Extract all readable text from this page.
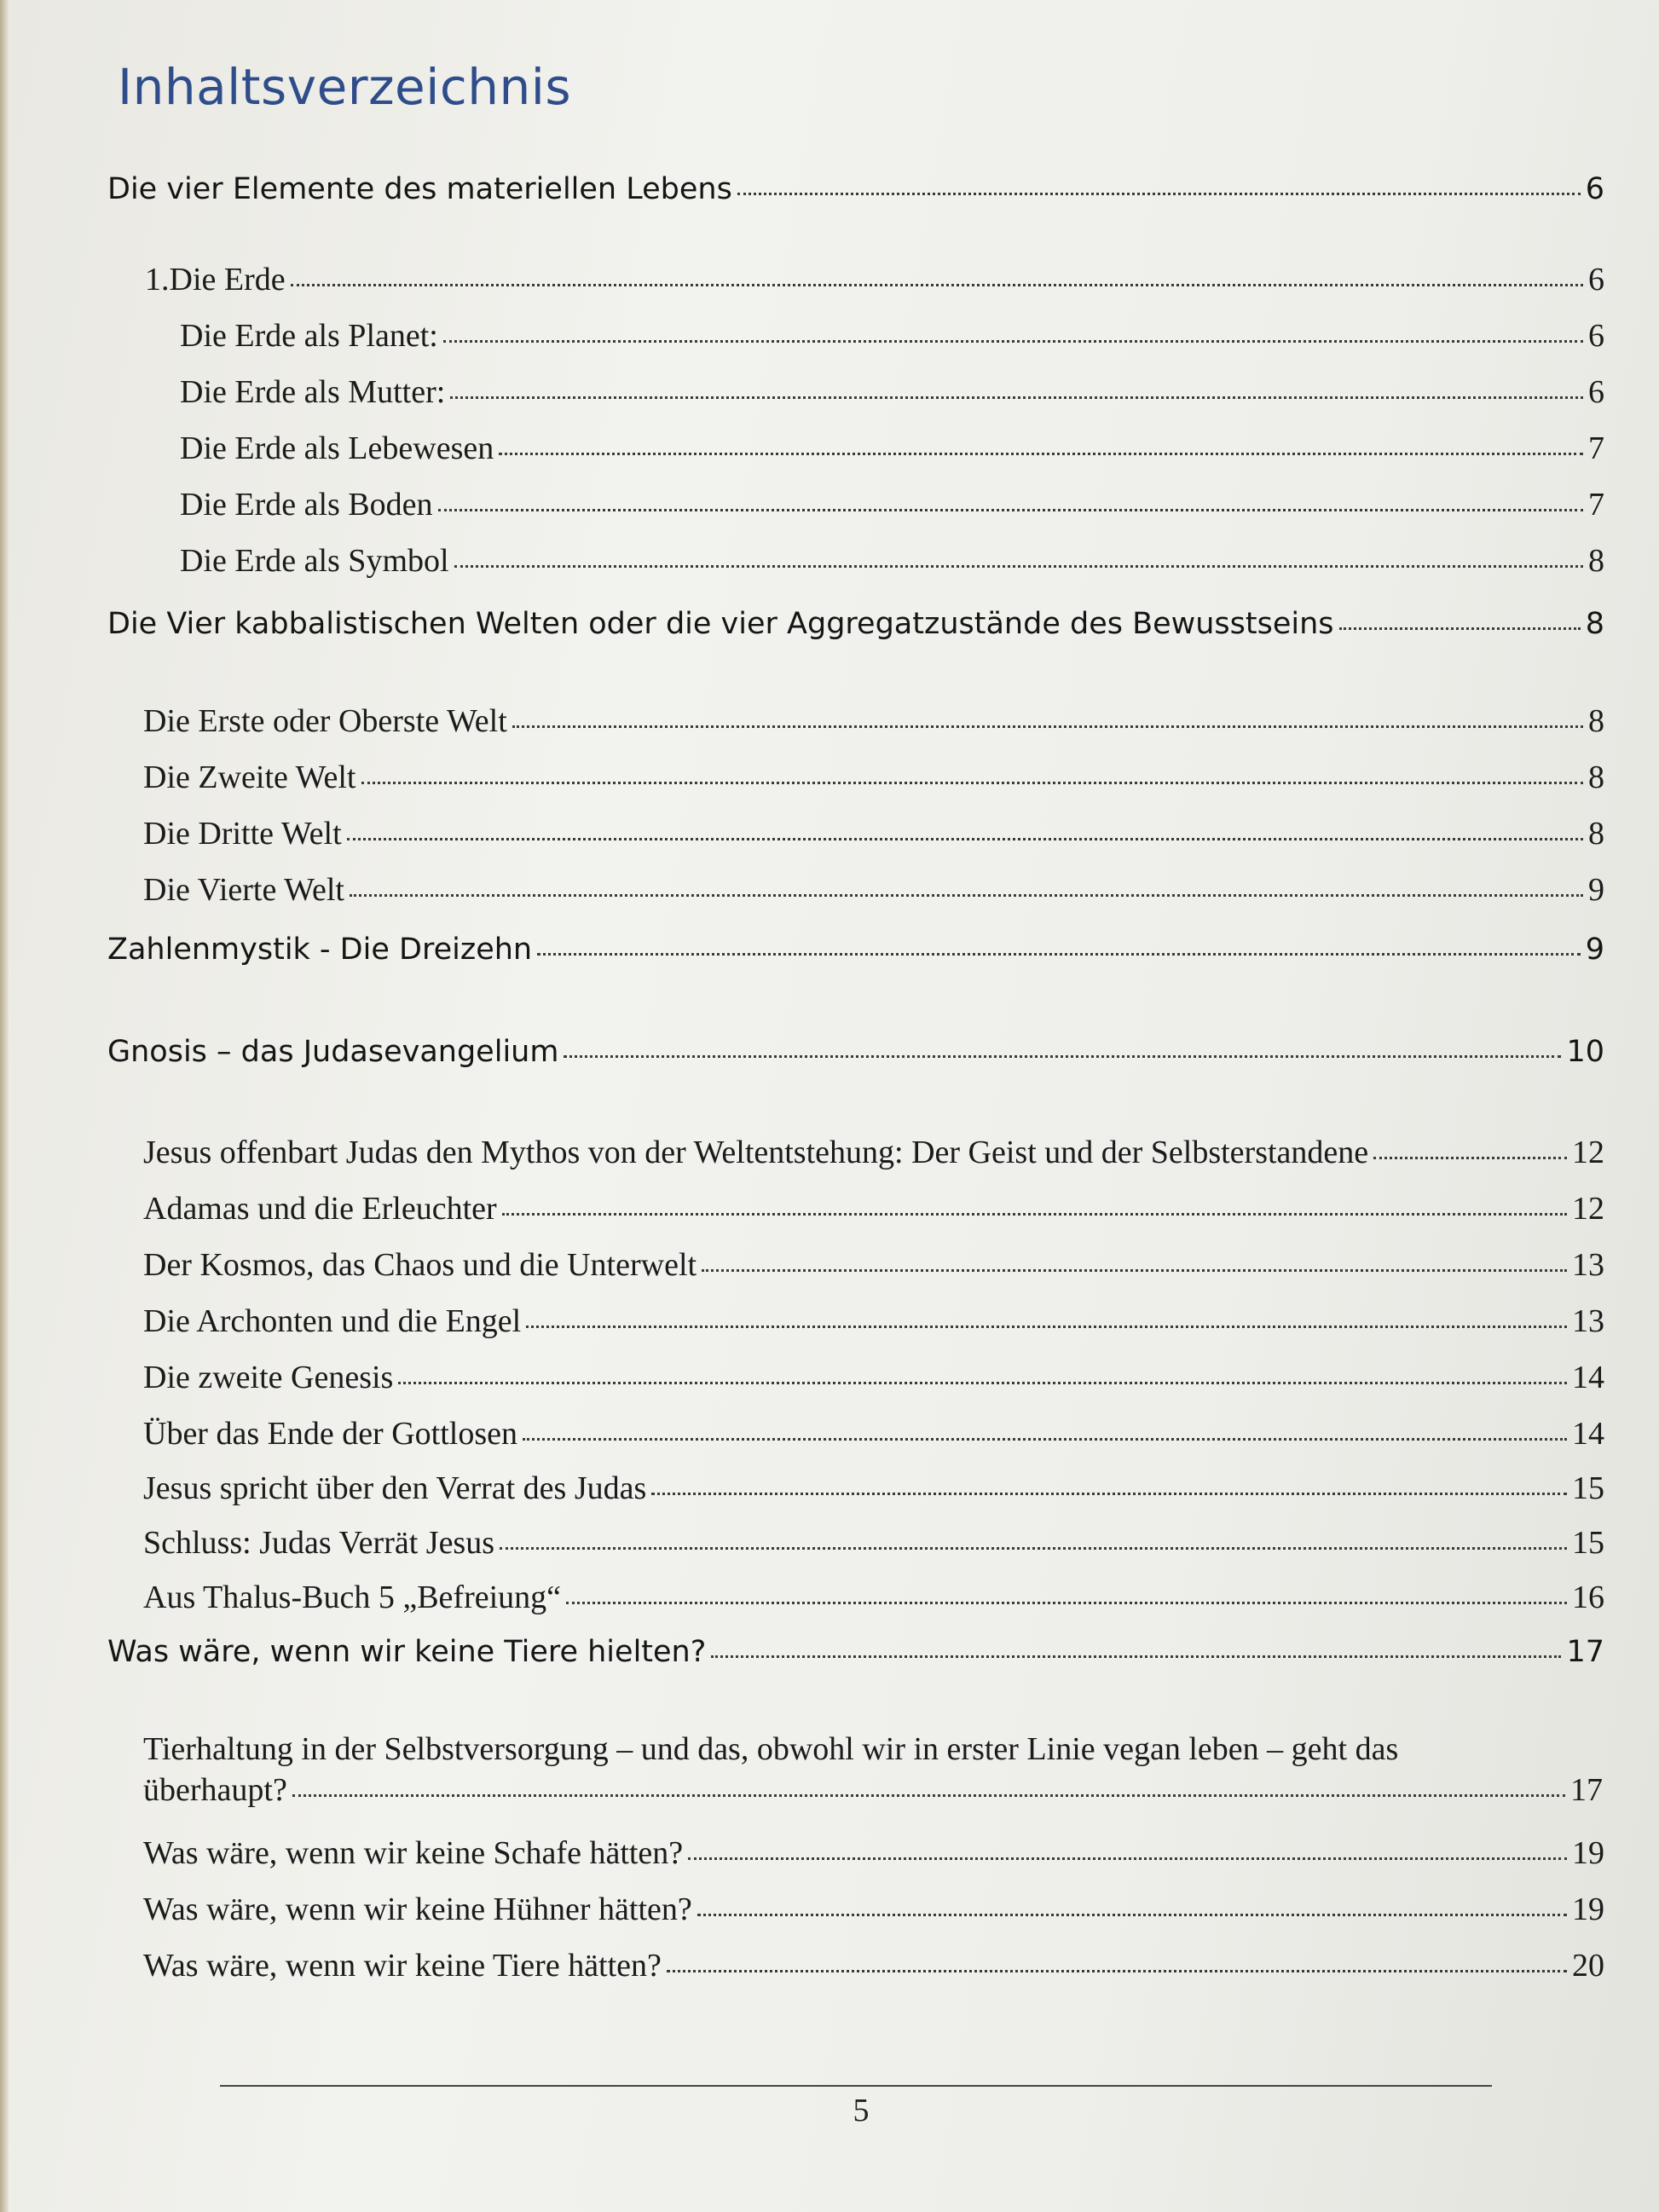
Inhaltsverzeichnis
Die vier Elemente des materiellen Lebens	6
1.Die Erde	6
Die Erde als Planet:	6
Die Erde als Mutter:	6
Die Erde als Lebewesen	7
Die Erde als Boden	7
Die Erde als Symbol	8
Die Vier kabbalistischen Welten oder die vier Aggregatzustände des Bewusstseins	8
Die Erste oder Oberste Welt	8
Die Zweite Welt	8
Die Dritte Welt	8
Die Vierte Welt	9
Zahlenmystik - Die Dreizehn	9
Gnosis – das Judasevangelium	10
Jesus offenbart Judas den Mythos von der Weltentstehung: Der Geist und der Selbsterstandene	12
Adamas und die Erleuchter	12
Der Kosmos, das Chaos und die Unterwelt	13
Die Archonten und die Engel	13
Die zweite Genesis	14
Über das Ende der Gottlosen	14
Jesus spricht über den Verrat des Judas	15
Schluss: Judas Verrät Jesus	15
Aus Thalus-Buch 5 „Befreiung“	16
Was wäre, wenn wir keine Tiere hielten?	17
Tierhaltung in der Selbstversorgung – und das, obwohl wir in erster Linie vegan leben – geht das
überhaupt?	17
Was wäre, wenn wir keine Schafe hätten?	19
Was wäre, wenn wir keine Hühner hätten?	19
Was wäre, wenn wir keine Tiere hätten?	20
5
